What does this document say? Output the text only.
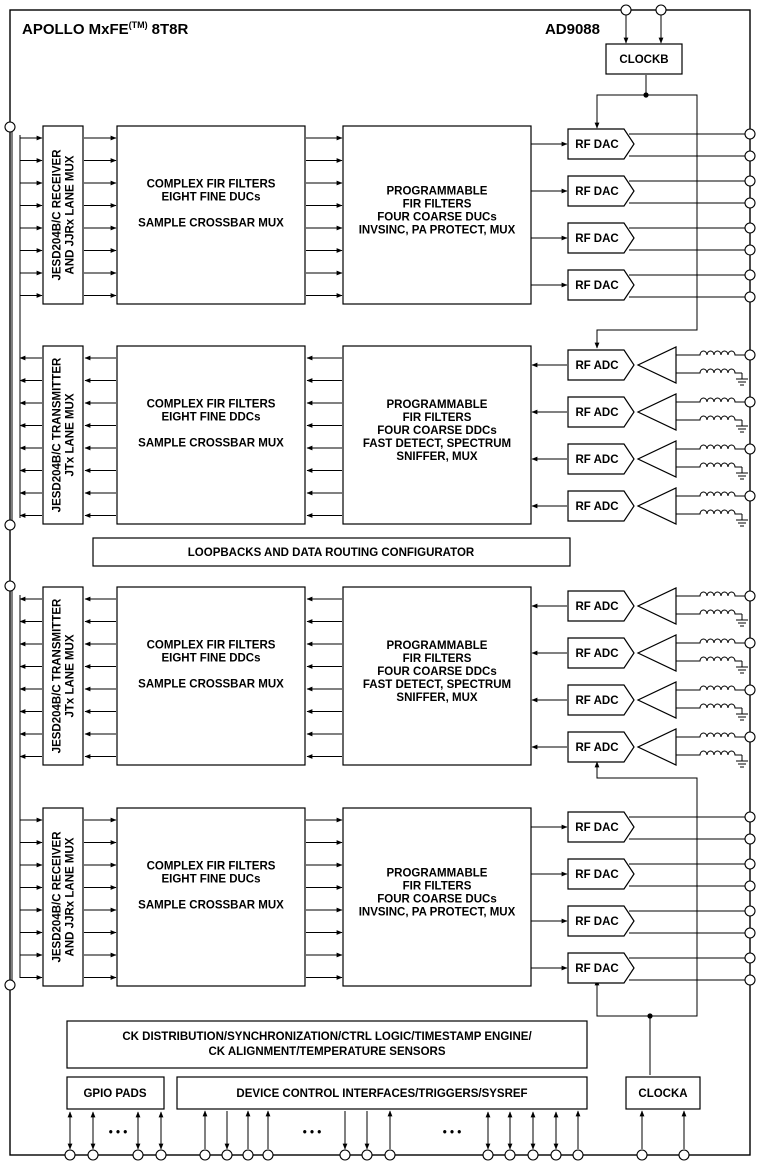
APOLLO MxFE$^{(TM)}$ 8T8R	AD9088
JESD204B/C RECEIVER AND JJRx LANE MUX	COMPLEX FIR FILTERS
EIGHT FINE DUCs
SAMPLE CROSSBAR MUX
PROGRAMMABLE
FIR FILTERS
FOUR COARSE DUCs
INVSINC, PA PROTECT, MUX
RF DAC
RF DAC
RF DAC
RF DAC
JESD204B/C TRANSMITTER JTx LANE MUX	COMPLEX FIR FILTERS
EIGHT FINE DDCs
SAMPLE CROSSBAR MUX
PROGRAMMABLE
FIR FILTERS
FOUR COARSE DDCs
FAST DETECT, SPECTRUM
SNIFFER, MUX
RF ADC
RF ADC
RF ADC
RF ADC
JESD204B/C TRANSMITTER JTx LANE MUX	COMPLEX FIR FILTERS
EIGHT FINE DDCs
SAMPLE CROSSBAR MUX
PROGRAMMABLE
FIR FILTERS
FOUR COARSE DDCs
FAST DETECT, SPECTRUM
SNIFFER, MUX
RF ADC
RF ADC
RF ADC
RF ADC
JESD204B/C RECEIVER AND JJRx LANE MUX	COMPLEX FIR FILTERS
EIGHT FINE DUCs
SAMPLE CROSSBAR MUX
PROGRAMMABLE
FIR FILTERS
FOUR COARSE DUCs
INVSINC, PA PROTECT, MUX
RF DAC
RF DAC
RF DAC
RF DAC
CLOCKB
LOOPBACKS AND DATA ROUTING CONFIGURATOR
CK DISTRIBUTION/SYNCHRONIZATION/CTRL LOGIC/TIMESTAMP ENGINE/
CK ALIGNMENT/TEMPERATURE SENSORS
GPIO PADS	DEVICE CONTROL INTERFACES/TRIGGERS/SYSREF	CLOCKA
• • •	• • •	• • •
